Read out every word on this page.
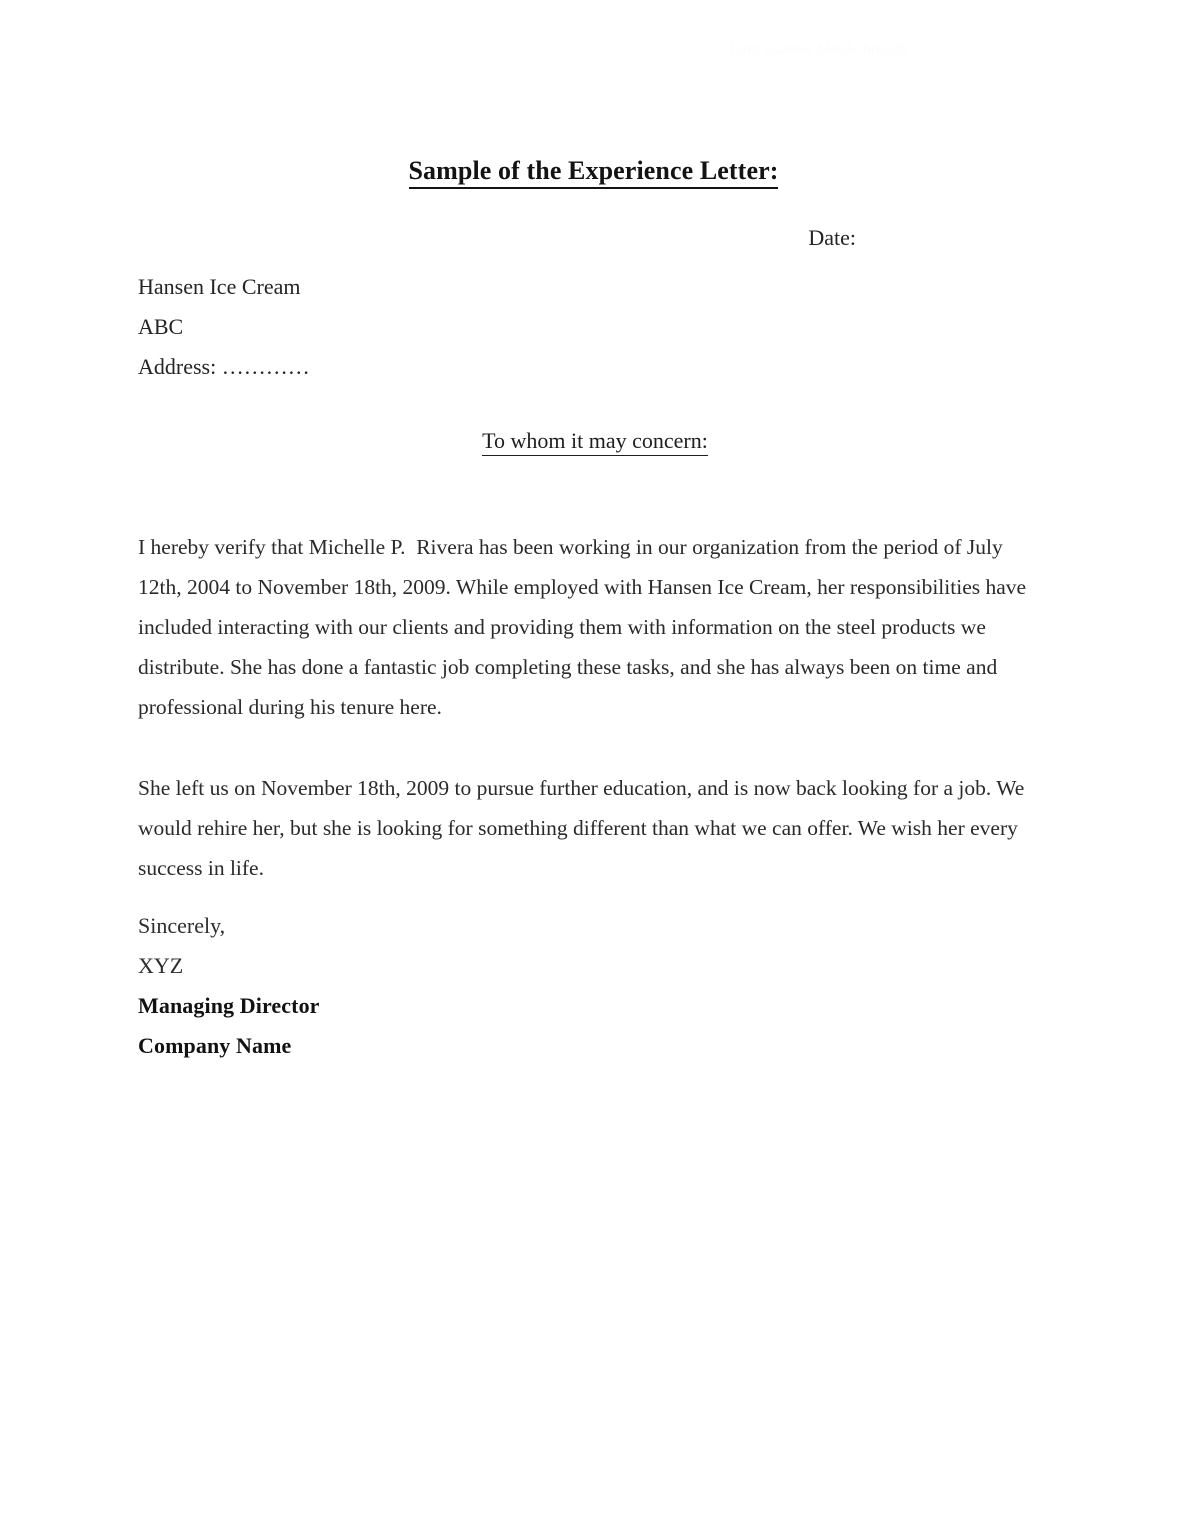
faint scanner bleed-through
Sample of the Experience Letter:
Date:
Hansen Ice Cream
ABC
Address: …………
To whom it may concern:

I hereby verify that Michelle P.  Rivera has been working in our organization from the period of July 12th, 2004 to November 18th, 2009. While employed with Hansen Ice Cream, her responsibilities have included interacting with our clients and providing them with information on the steel products we distribute. She has done a fantastic job completing these tasks, and she has always been on time and professional during his tenure here.

She left us on November 18th, 2009 to pursue further education, and is now back looking for a job. We would rehire her, but she is looking for something different than what we can offer. We wish her every success in life.

Sincerely,
XYZ
Managing Director
Company Name
